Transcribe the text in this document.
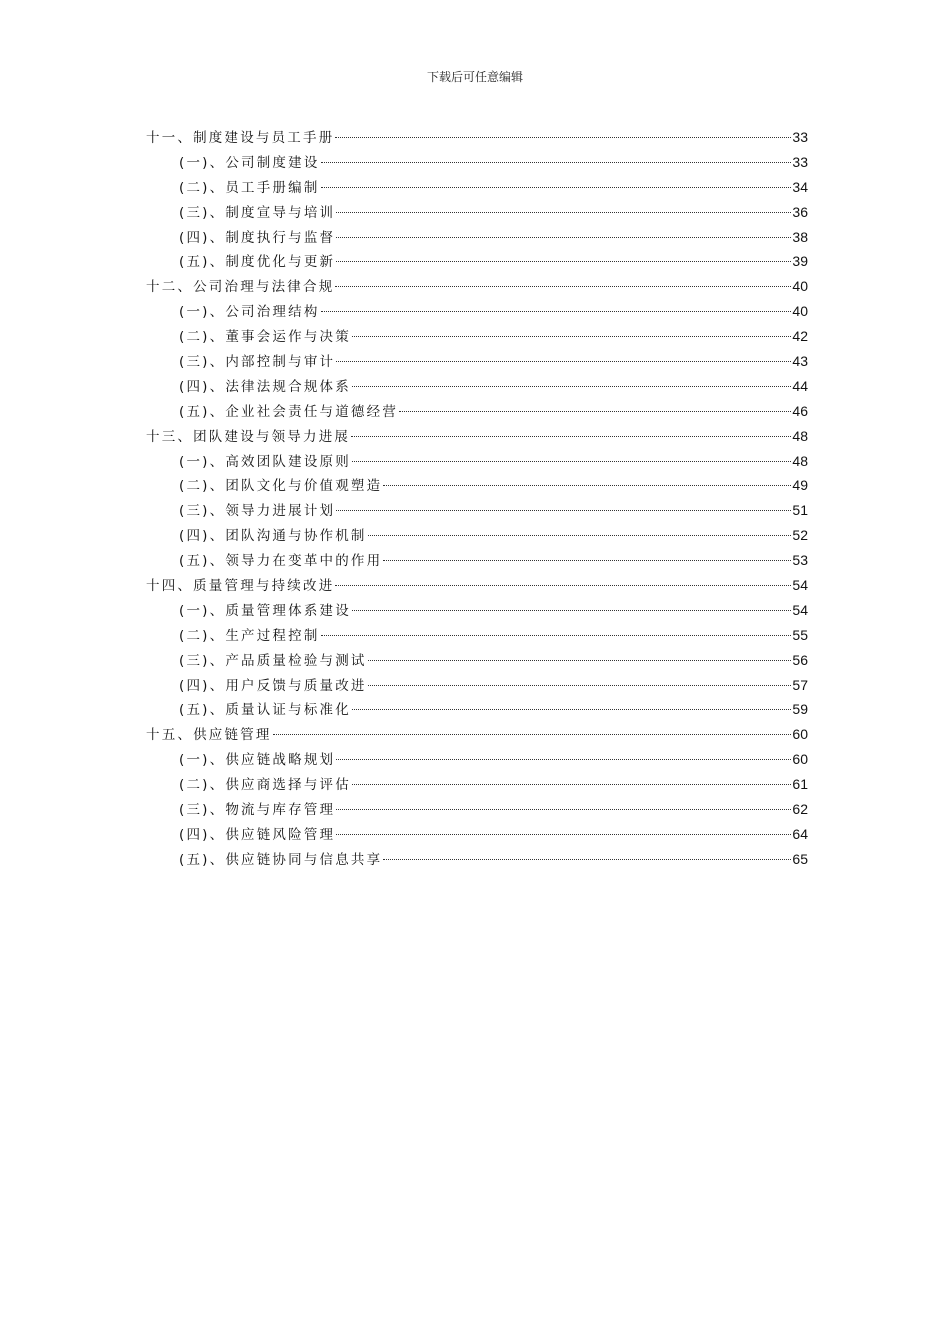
下载后可任意编辑
十一、制度建设与员工手册	33
(一)、公司制度建设	33
(二)、员工手册编制	34
(三)、制度宣导与培训	36
(四)、制度执行与监督	38
(五)、制度优化与更新	39
十二、公司治理与法律合规	40
(一)、公司治理结构	40
(二)、董事会运作与决策	42
(三)、内部控制与审计	43
(四)、法律法规合规体系	44
(五)、企业社会责任与道德经营	46
十三、团队建设与领导力进展	48
(一)、高效团队建设原则	48
(二)、团队文化与价值观塑造	49
(三)、领导力进展计划	51
(四)、团队沟通与协作机制	52
(五)、领导力在变革中的作用	53
十四、质量管理与持续改进	54
(一)、质量管理体系建设	54
(二)、生产过程控制	55
(三)、产品质量检验与测试	56
(四)、用户反馈与质量改进	57
(五)、质量认证与标准化	59
十五、供应链管理	60
(一)、供应链战略规划	60
(二)、供应商选择与评估	61
(三)、物流与库存管理	62
(四)、供应链风险管理	64
(五)、供应链协同与信息共享	65
